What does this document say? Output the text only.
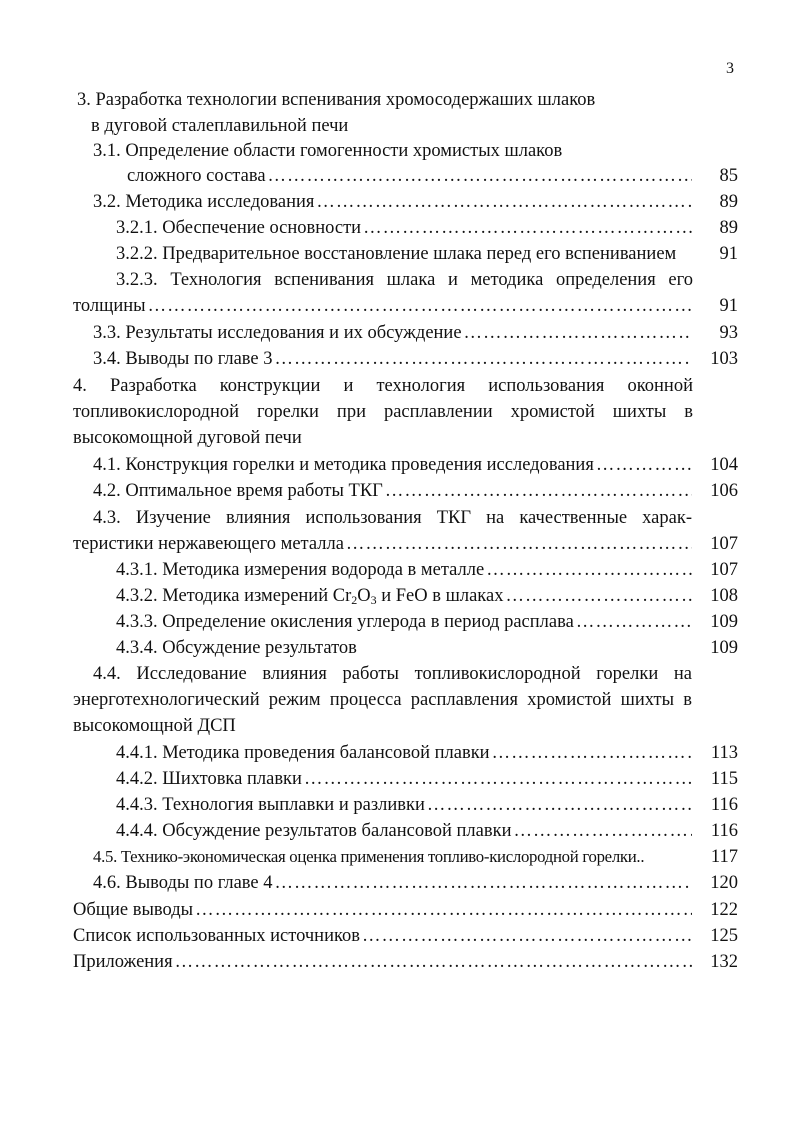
3
3. Разработка технологии вспенивания хромосодержаших шлаков
в дуговой сталеплавильной печи
3.1. Определение области гомогенности хромистых шлаков
сложного состава …………………………………………………………………………………………………………………………………………………………………………………………	85
3.2. Методика исследования …………………………………………………………………………………………………………………………………………………………………………………………	89
3.2.1. Обеспечение основности …………………………………………………………………………………………………………………………………………………………………………………………	89
3.2.2. Предварительное восстановление шлака перед его вспениванием	91
3.2.3. Технология вспенивания шлака и методика определения его
толщины …………………………………………………………………………………………………………………………………………………………………………………………	91
3.3. Результаты исследования и их обсуждение …………………………………………………………………………………………………………………………………………………………………………………………	93
3.4. Выводы по главе 3 …………………………………………………………………………………………………………………………………………………………………………………………	103
4. Разработка конструкции и технология использования оконной
топливокислородной горелки при расплавлении хромистой шихты в
высокомощной дуговой печи
4.1. Конструкция горелки и методика проведения исследования …………………………………………………………………………………………………………………………………………………………………………………………	104
4.2. Оптимальное время работы ТКГ …………………………………………………………………………………………………………………………………………………………………………………………	106
4.3. Изучение влияния использования ТКГ на качественные харак-
теристики нержавеющего металла …………………………………………………………………………………………………………………………………………………………………………………………	107
4.3.1. Методика измерения водорода в металле …………………………………………………………………………………………………………………………………………………………………………………………	107
4.3.2. Методика измерений $Cr_2O_3$ и FeO в шлаках …………………………………………………………………………………………………………………………………………………………………………………………	108
4.3.3. Определение окисления углерода в период расплава …………………………………………………………………………………………………………………………………………………………………………………………	109
4.3.4. Обсуждение результатов	109
4.4. Исследование влияния работы топливокислородной горелки на
энерготехнологический режим процесса расплавления хромистой шихты в
высокомощной ДСП
4.4.1. Методика проведения балансовой плавки …………………………………………………………………………………………………………………………………………………………………………………………	113
4.4.2. Шихтовка плавки …………………………………………………………………………………………………………………………………………………………………………………………	115
4.4.3. Технология выплавки и разливки …………………………………………………………………………………………………………………………………………………………………………………………	116
4.4.4. Обсуждение результатов балансовой плавки …………………………………………………………………………………………………………………………………………………………………………………………	116
4.5. Технико-экономическая оценка применения топливо-кислородной горелки..	117
4.6. Выводы по главе 4 …………………………………………………………………………………………………………………………………………………………………………………………	120
Общие выводы …………………………………………………………………………………………………………………………………………………………………………………………	122
Список использованных источников …………………………………………………………………………………………………………………………………………………………………………………………	125
Приложения …………………………………………………………………………………………………………………………………………………………………………………………	132
